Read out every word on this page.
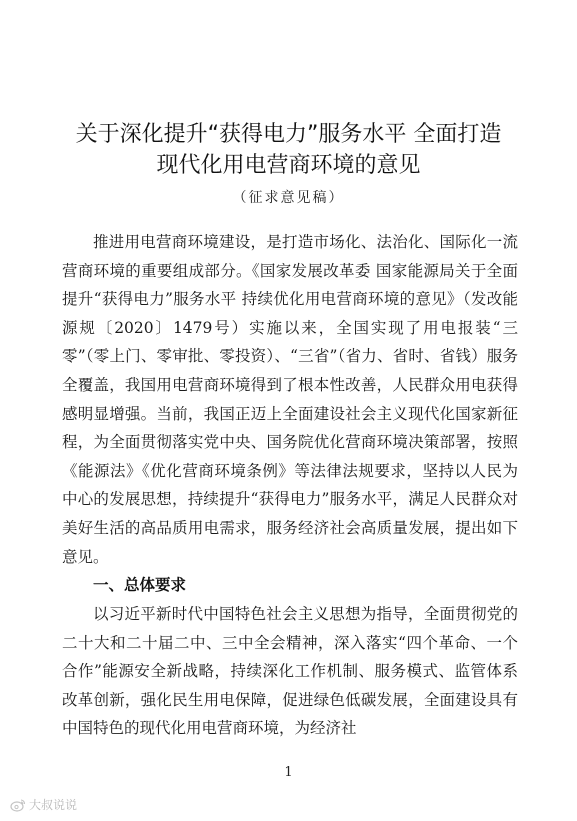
关于深化提升“获得电力”服务水平 全面打造
现代化用电营商环境的意见
（征求意见稿）
推进用电营商环境建设，是打造市场化、法治化、国际化一流营商环境的重要组成部分。《国家发展改革委 国家能源局关于全面提升“获得电力”服务水平 持续优化用电营商环境的意见》（发改能源规〔2020〕1479号）实施以来，全国实现了用电报装“三零”（零上门、零审批、零投资）、“三省”（省力、省时、省钱）服务全覆盖，我国用电营商环境得到了根本性改善，人民群众用电获得感明显增强。当前，我国正迈上全面建设社会主义现代化国家新征程，为全面贯彻落实党中央、国务院优化营商环境决策部署，按照《能源法》《优化营商环境条例》等法律法规要求，坚持以人民为中心的发展思想，持续提升“获得电力”服务水平，满足人民群众对美好生活的高品质用电需求，服务经济社会高质量发展，提出如下意见。
一、总体要求
以习近平新时代中国特色社会主义思想为指导，全面贯彻党的二十大和二十届二中、三中全会精神，深入落实“四个革命、一个合作”能源安全新战略，持续深化工作机制、服务模式、监管体系改革创新，强化民生用电保障，促进绿色低碳发展，全面建设具有中国特色的现代化用电营商环境，为经济社
1
大叔说说
